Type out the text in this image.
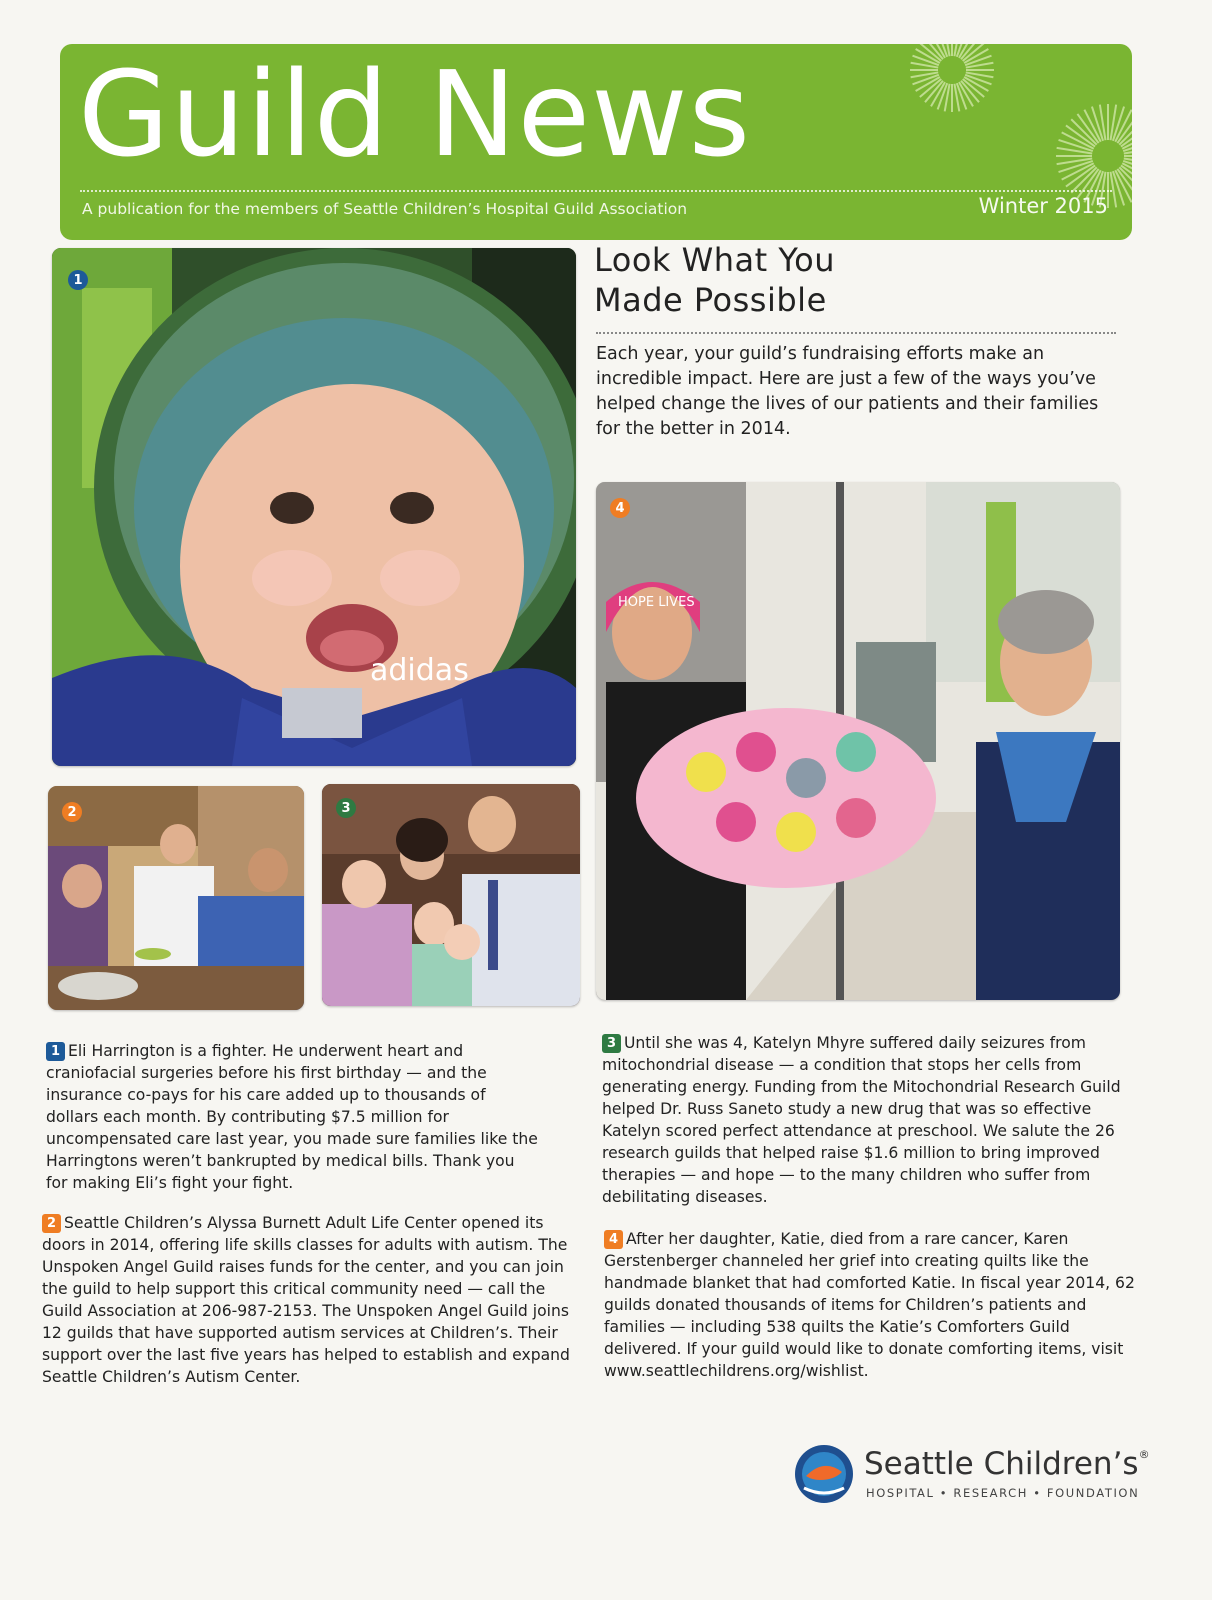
Guild News
A publication for the members of Seattle Children’s Hospital Guild Association	Winter 2015
adidas
1
2	3
Look What You
Made Possible
Each year, your guild’s fundraising efforts make an incredible impact. Here are just a few of the ways you’ve helped change the lives of our patients and their families for the better in 2014.
HOPE LIVES
4
1 Eli Harrington is a fighter. He underwent heart and craniofacial surgeries before his first birthday — and the insurance co-pays for his care added up to thousands of dollars each month. By contributing $7.5 million for uncompensated care last year, you made sure families like the Harringtons weren’t bankrupted by medical bills. Thank you for making Eli’s fight your fight.
2 Seattle Children’s Alyssa Burnett Adult Life Center opened its doors in 2014, offering life skills classes for adults with autism. The Unspoken Angel Guild raises funds for the center, and you can join the guild to help support this critical community need — call the Guild Association at 206-987-2153. The Unspoken Angel Guild joins 12 guilds that have supported autism services at Children’s. Their support over the last five years has helped to establish and expand Seattle Children’s Autism Center.
3 Until she was 4, Katelyn Mhyre suffered daily seizures from mitochondrial disease — a condition that stops her cells from generating energy. Funding from the Mitochondrial Research Guild helped Dr. Russ Saneto study a new drug that was so effective Katelyn scored perfect attendance at preschool. We salute the 26 research guilds that helped raise $1.6 million to bring improved therapies — and hope — to the many children who suffer from debilitating diseases.
4 After her daughter, Katie, died from a rare cancer, Karen Gerstenberger channeled her grief into creating quilts like the handmade blanket that had comforted Katie. In fiscal year 2014, 62 guilds donated thousands of items for Children’s patients and families — including 538 quilts the Katie’s Comforters Guild delivered. If your guild would like to donate comforting items, visit www.seattlechildrens.org/wishlist.
Seattle Children’s®
HOSPITAL • RESEARCH • FOUNDATION
